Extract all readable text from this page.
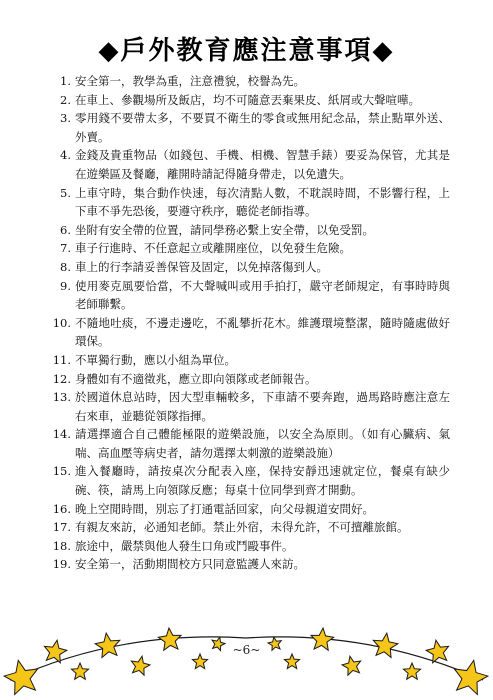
◆戶外教育應注意事項◆
1. 安全第一，教學為重，注意禮貌，校譽為先。
2. 在車上、參觀場所及飯店，均不可隨意丟棄果皮、紙屑或大聲喧嘩。
3. 零用錢不要帶太多，不要買不衛生的零食或無用紀念品，禁止點單外送、外賣。
4. 金錢及貴重物品（如錢包、手機、相機、智慧手錶）要妥為保管，尤其是在遊樂區及餐廳，離開時請記得隨身帶走，以免遺失。
5. 上車守時，集合動作快速，每次清點人數，不耽誤時間，不影響行程，上下車不爭先恐後，要遵守秩序，聽從老師指導。
6. 坐附有安全帶的位置，請同學務必繫上安全帶，以免受罰。
7. 車子行進時、不任意起立或離開座位，以免發生危險。
8. 車上的行李請妥善保管及固定，以免掉落傷到人。
9. 使用麥克風要恰當，不大聲喊叫或用手拍打，嚴守老師規定，有事時時與老師聯繫。
10. 不隨地吐痰，不邊走邊吃，不亂攀折花木。維護環境整潔，隨時隨處做好環保。
11. 不單獨行動，應以小組為單位。
12. 身體如有不適徵兆，應立即向領隊或老師報告。
13. 於國道休息站時，因大型車輛較多，下車請不要奔跑，過馬路時應注意左右來車，並聽從領隊指揮。
14. 請選擇適合自己體能極限的遊樂設施，以安全為原則。（如有心臟病、氣喘、高血壓等病史者，請勿選擇太刺激的遊樂設施）
15. 進入餐廳時，請按桌次分配表入座，保持安靜迅速就定位，餐桌有缺少碗、筷，請馬上向領隊反應；每桌十位同學到齊才開動。
16. 晚上空閒時間，別忘了打通電話回家，向父母親道安問好。
17. 有親友來訪，必通知老師。禁止外宿，未得允許，不可擅離旅館。
18. 旅途中，嚴禁與他人發生口角或鬥毆事件。
19. 安全第一，活動期間校方只同意監護人來訪。
~6~
